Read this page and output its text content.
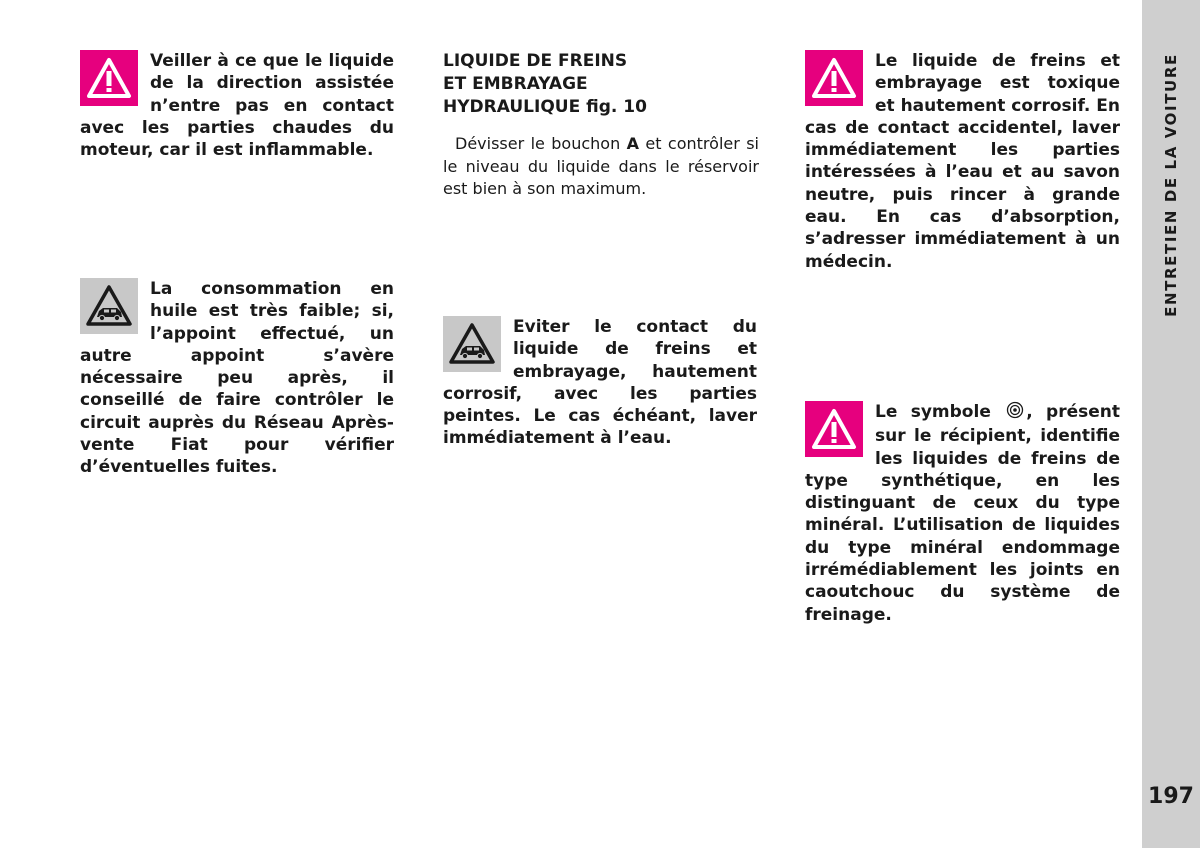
ENTRETIEN DE LA VOITURE
197
Veiller à ce que le liquide de la direction assistée n’entre pas en contact avec les parties chaudes du moteur, car il est inflammable.
La consommation en huile est très faible; si, l’appoint effectué, un autre appoint s’avère nécessaire peu après, il conseillé de faire contrôler le circuit auprès du Réseau Après-vente Fiat pour vérifier d’éventuelles fuites.
LIQUIDE DE FREINS
ET EMBRAYAGE
HYDRAULIQUE fig. 10
Dévisser le bouchon A et contrôler si le niveau du liquide dans le réservoir est bien à son maximum.
Eviter le contact du liquide de freins et embrayage, hautement corrosif, avec les parties peintes. Le cas échéant, laver immédiatement à l’eau.
Le liquide de freins et embrayage est toxique et hautement corrosif. En cas de contact accidentel, laver immédiatement les parties intéressées à l’eau et au savon neutre, puis rincer à grande eau. En cas d’absorption, s’adresser immédiatement à un médecin.
Le symbole , présent sur le récipient, identifie les liquides de freins de type synthétique, en les distinguant de ceux du type minéral. L’utilisation de liquides du type minéral endommage irrémédiablement les joints en caoutchouc du système de freinage.
